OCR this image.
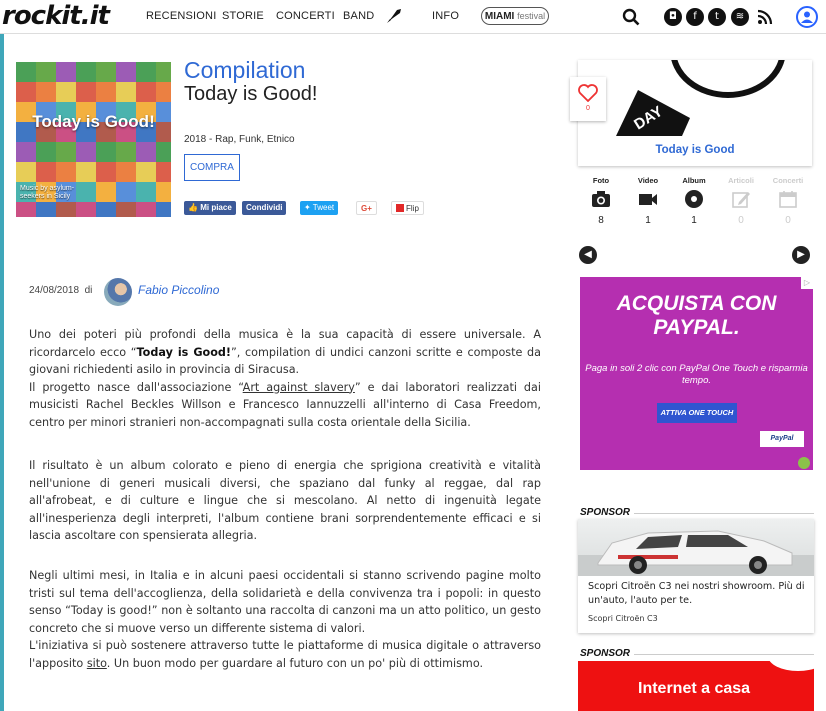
rockit.it	RECENSIONI STORIE CONCERTI BAND	INFO	MIAMI festival	◘	f	t	≋
Today is Good!
Music by asylum-seekers in Sicily
Compilation
Today is Good!
2018 - Rap, Funk, Etnico
COMPRA
👍 Mi piace	Condividi	✦ Tweet	G+	Flip
24/08/2018 di	Fabio Piccolino
Uno dei poteri più profondi della musica è la sua capacità di essere universale. A ricordarcelo ecco “Today is Good!”, compilation di undici canzoni scritte e composte da giovani richiedenti asilo in provincia di Siracusa.
Il progetto nasce dall'associazione “Art against slavery” e dai laboratori realizzati dai musicisti Rachel Beckles Willson e Francesco Iannuzzelli all'interno di Casa Freedom, centro per minori stranieri non-accompagnati sulla costa orientale della Sicilia.
Il risultato è un album colorato e pieno di energia che sprigiona creatività e vitalità nell'unione di generi musicali diversi, che spaziano dal funky al reggae, dal rap all'afrobeat, e di culture e lingue che si mescolano. Al netto di ingenuità legate all'inesperienza degli interpreti, l'album contiene brani sorprendentemente efficaci e si lascia ascoltare con spensierata allegria.
Negli ultimi mesi, in Italia e in alcuni paesi occidentali si stanno scrivendo pagine molto tristi sul tema dell'accoglienza, della solidarietà e della convivenza tra i popoli: in questo senso “Today is good!” non è soltanto una raccolta di canzoni ma un atto politico, un gesto concreto che si muove verso un differente sistema di valori.
L'iniziativa si può sostenere attraverso tutte le piattaforme di musica digitale o attraverso l'apposito sito. Un buon modo per guardare al futuro con un po' più di ottimismo.
DAY
Today is Good
0
Foto
8
Video
1
Album
1
Articoli
0
Concerti
0
◀	▶
▷
ACQUISTA CON PAYPAL.
Paga in soli 2 clic con PayPal One Touch e risparmia tempo.
ATTIVA ONE TOUCH
PayPal
SPONSOR
Scopri Citroën C3 nei nostri showroom. Più di un'auto, l'auto per te.
Scopri Citroën C3
SPONSOR
Internet a casa
